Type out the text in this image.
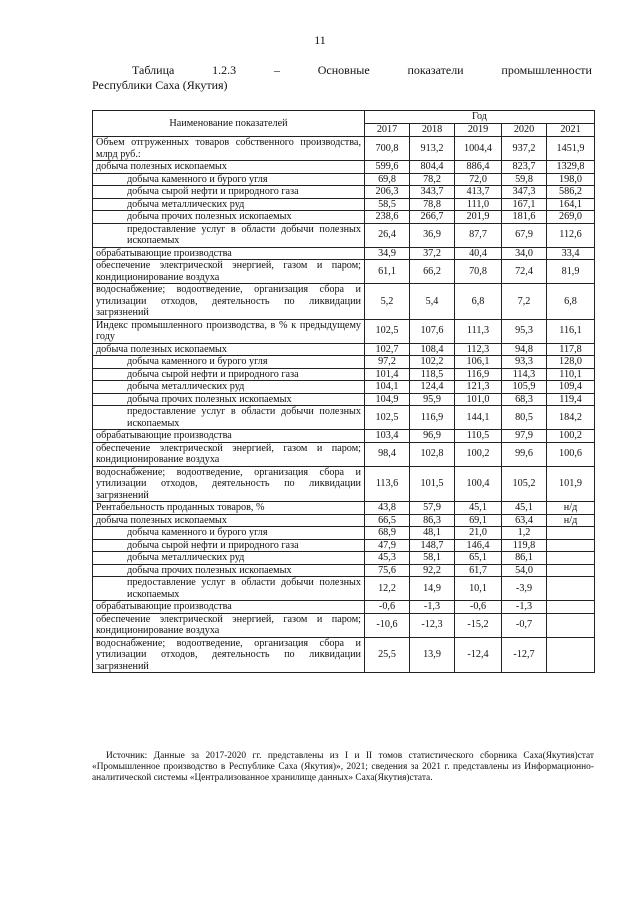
11
Таблица	1.2.3	–	Основные	показатели	промышленности
Республики Саха (Якутия)
Наименование показателей	Год				
	2017	2018	2019	2020	2021
Объем отгруженных товаров собственного производства, млрд руб.:	700,8	913,2	1004,4	937,2	1451,9
добыча полезных ископаемых	599,6	804,4	886,4	823,7	1329,8
добыча каменного и бурого угля	69,8	78,2	72,0	59,8	198,0
добыча сырой нефти и природного газа	206,3	343,7	413,7	347,3	586,2
добыча металлических руд	58,5	78,8	111,0	167,1	164,1
добыча прочих полезных ископаемых	238,6	266,7	201,9	181,6	269,0
предоставление услуг в области добычи полезных ископаемых	26,4	36,9	87,7	67,9	112,6
обрабатывающие производства	34,9	37,2	40,4	34,0	33,4
обеспечение электрической энергией, газом и паром; кондиционирование воздуха	61,1	66,2	70,8	72,4	81,9
водоснабжение; водоотведение, организация сбора и утилизации отходов, деятельность по ликвидации загрязнений	5,2	5,4	6,8	7,2	6,8
Индекс промышленного производства, в % к предыдущему году	102,5	107,6	111,3	95,3	116,1
добыча полезных ископаемых	102,7	108,4	112,3	94,8	117,8
добыча каменного и бурого угля	97,2	102,2	106,1	93,3	128,0
добыча сырой нефти и природного газа	101,4	118,5	116,9	114,3	110,1
добыча металлических руд	104,1	124,4	121,3	105,9	109,4
добыча прочих полезных ископаемых	104,9	95,9	101,0	68,3	119,4
предоставление услуг в области добычи полезных ископаемых	102,5	116,9	144,1	80,5	184,2
обрабатывающие производства	103,4	96,9	110,5	97,9	100,2
обеспечение электрической энергией, газом и паром; кондиционирование воздуха	98,4	102,8	100,2	99,6	100,6
водоснабжение; водоотведение, организация сбора и утилизации отходов, деятельность по ликвидации загрязнений	113,6	101,5	100,4	105,2	101,9
Рентабельность проданных товаров, %	43,8	57,9	45,1	45,1	н/д
добыча полезных ископаемых	66,5	86,3	69,1	63,4	н/д
добыча каменного и бурого угля	68,9	48,1	21,0	1,2	
добыча сырой нефти и природного газа	47,9	148,7	146,4	119,8	
добыча металлических руд	45,3	58,1	65,1	86,1	
добыча прочих полезных ископаемых	75,6	92,2	61,7	54,0	
предоставление услуг в области добычи полезных ископаемых	12,2	14,9	10,1	-3,9	
обрабатывающие производства	-0,6	-1,3	-0,6	-1,3	
обеспечение электрической энергией, газом и паром; кондиционирование воздуха	-10,6	-12,3	-15,2	-0,7	
водоснабжение; водоотведение, организация сбора и утилизации отходов, деятельность по ликвидации загрязнений	25,5	13,9	-12,4	-12,7	
Источник: Данные за 2017-2020 гг. представлены из I и II томов статистического сборника Саха(Якутия)стат «Промышленное производство в Республике Саха (Якутия)», 2021; сведения за 2021 г. представлены из Информационно-аналитической системы «Централизованное хранилище данных» Саха(Якутия)стата.
